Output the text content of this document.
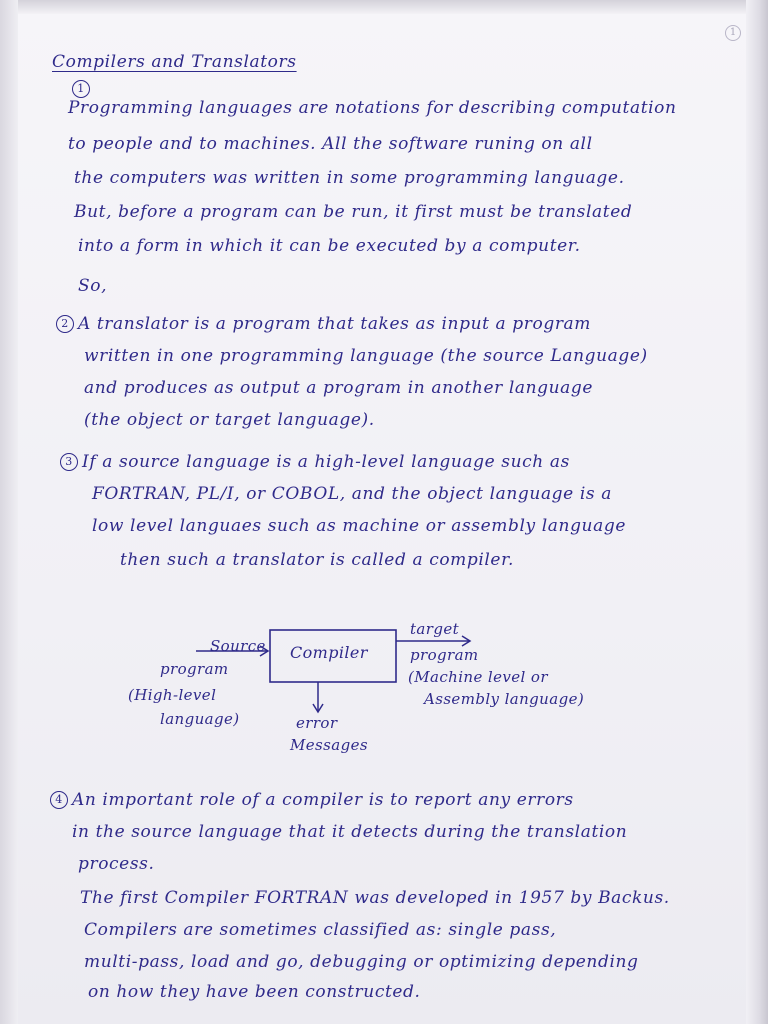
1
Compilers and Translators
1
Programming languages are notations for describing computation
to people and to machines. All the software runing on all
the computers was written in some programming language.
But, before a program can be run, it first must be translated
into a form in which it can be executed by a computer.
So,
2 A translator is a program that takes as input a program
written in one programming language (the source Language)
and produces as output a program in another language
(the object or target language).
3 If a source language is a high-level language such as
FORTRAN, PL/I, or COBOL, and the object language is a
low level languaes such as machine or assembly language
then such a translator is called a compiler.
Compiler
Source
program
(High-level
language)
target
program
(Machine level or
Assembly language)
error
Messages
4 An important role of a compiler is to report any errors
in the source language that it detects during the translation
process.
The first Compiler FORTRAN was developed in 1957 by Backus.
Compilers are sometimes classified as: single pass,
multi-pass, load and go, debugging or optimizing depending
on how they have been constructed.
